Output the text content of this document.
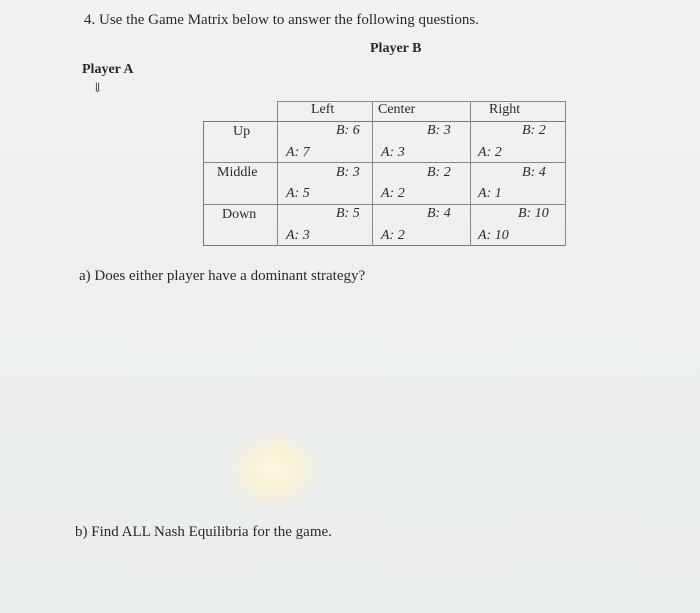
4. Use the Game Matrix below to answer the following questions.
Player B
Player A
⇓
Left	Center	Right
Up
Middle
Down
B: 6
A: 7
B: 3
A: 3
B: 2
A: 2
B: 3
A: 5
B: 2
A: 2
B: 4
A: 1
B: 5
A: 3
B: 4
A: 2
B: 10
A: 10
a) Does either player have a dominant strategy?
b) Find ALL Nash Equilibria for the game.
